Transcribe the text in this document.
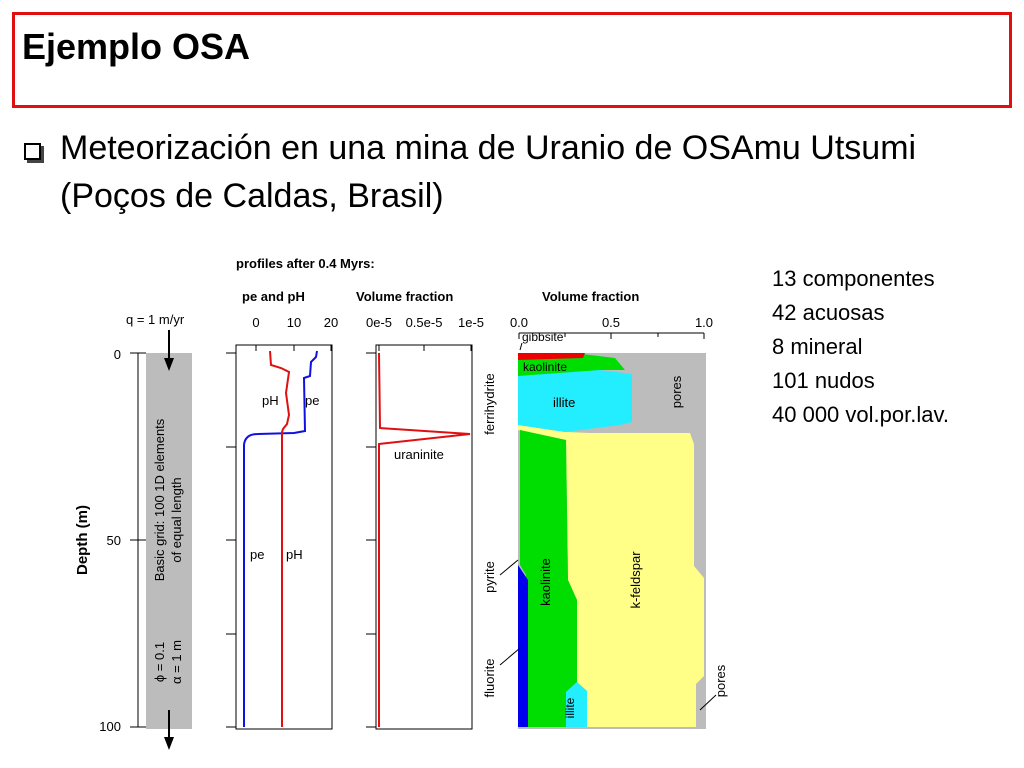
Ejemplo OSA
Meteorización en una mina de Uranio de OSAmu Utsumi (Poços de Caldas, Brasil)
13 componentes
42 acuosas
8 mineral
101 nudos
40 000 vol.por.lav.
profiles after 0.4 Myrs:
pe and pH	Volume fraction	Volume fraction
0 10 20 0e-5 0.5e-5 1e-5 0.0	0.5	1.0
0
50
100
Depth (m)
q = 1 m/yr
Basic grid: 100 1D elements of equal length
ϕ = 0.1 α = 1 m
pH pe
pe pH
uraninite
gibbsite
kaolinite
illite	pores
ferrihydrite
pyrite	kaolinite	k-feldspar
fluorite
illite
pores
